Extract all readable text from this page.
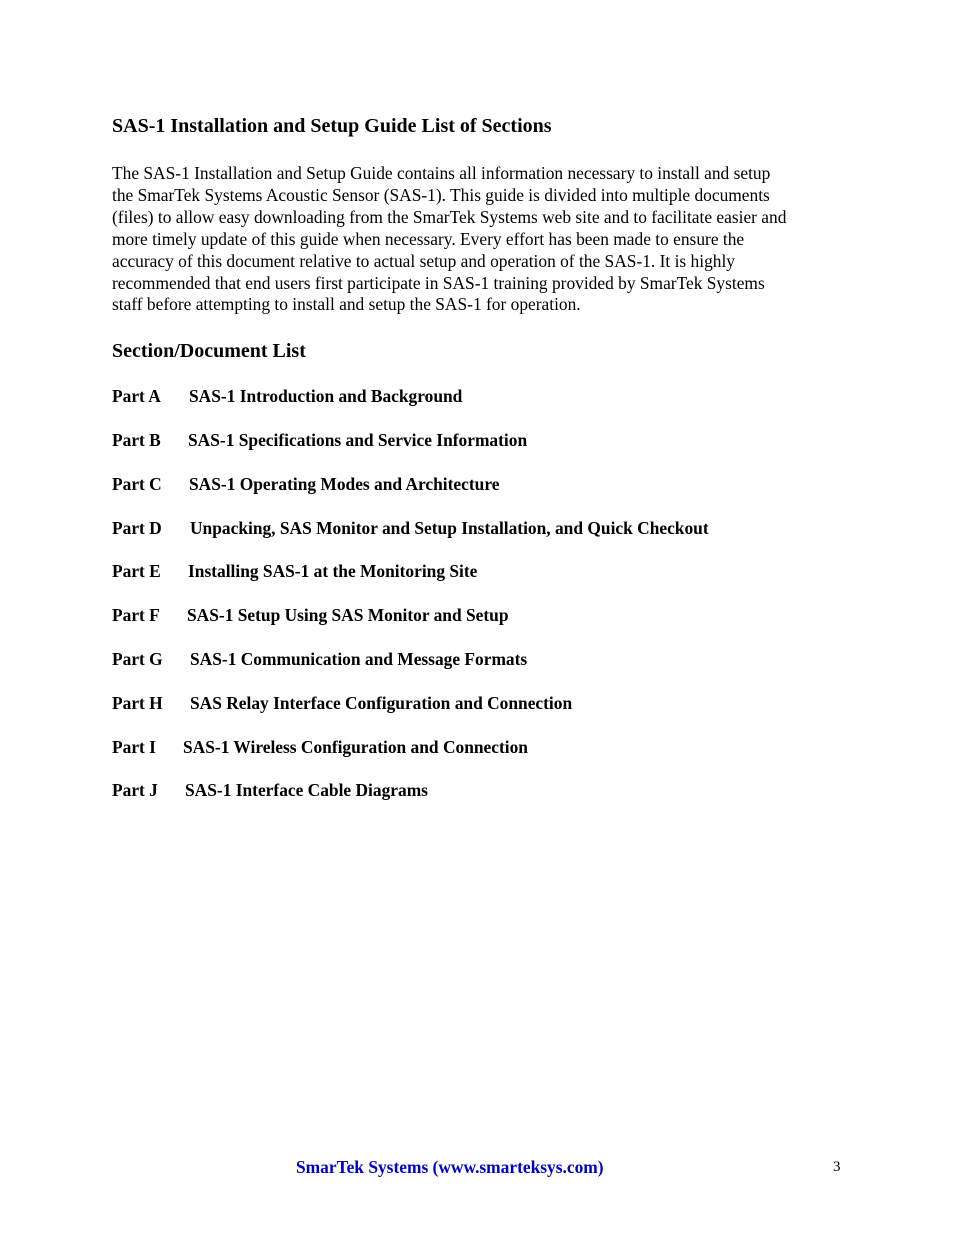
SAS-1 Installation and Setup Guide List of Sections
The SAS-1 Installation and Setup Guide contains all information necessary to install and setup
the SmarTek Systems Acoustic Sensor (SAS-1). This guide is divided into multiple documents
(files) to allow easy downloading from the SmarTek Systems web site and to facilitate easier and
more timely update of this guide when necessary. Every effort has been made to ensure the
accuracy of this document relative to actual setup and operation of the SAS-1. It is highly
recommended that end users first participate in SAS-1 training provided by SmarTek Systems
staff before attempting to install and setup the SAS-1 for operation.
Section/Document List
Part A SAS-1 Introduction and Background
Part B SAS-1 Specifications and Service Information
Part C SAS-1 Operating Modes and Architecture
Part D Unpacking, SAS Monitor and Setup Installation, and Quick Checkout
Part E Installing SAS-1 at the Monitoring Site
Part F SAS-1 Setup Using SAS Monitor and Setup
Part G SAS-1 Communication and Message Formats
Part H SAS Relay Interface Configuration and Connection
Part I SAS-1 Wireless Configuration and Connection
Part J SAS-1 Interface Cable Diagrams
SmarTek Systems (www.smarteksys.com)	3
